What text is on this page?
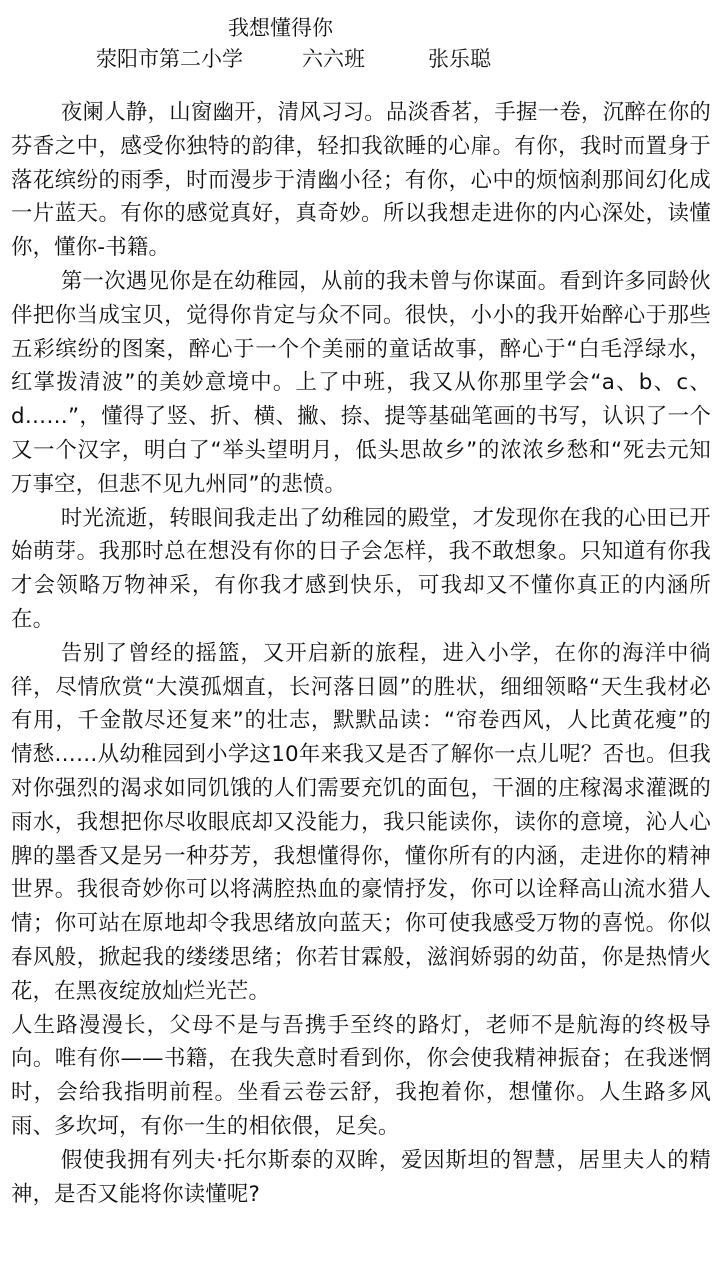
我想懂得你
荥阳市第二小学	六六班	张乐聪

夜阑人静，山窗幽开，清风习习。品淡香茗，手握一卷，沉醉在你的芬香之中，感受你独特的韵律，轻扣我欲睡的心扉。有你，我时而置身于落花缤纷的雨季，时而漫步于清幽小径；有你，心中的烦恼刹那间幻化成一片蓝天。有你的感觉真好，真奇妙。所以我想走进你的内心深处，读懂你，懂你-书籍。

第一次遇见你是在幼稚园，从前的我未曾与你谋面。看到许多同龄伙伴把你当成宝贝，觉得你肯定与众不同。很快，小小的我开始醉心于那些五彩缤纷的图案，醉心于一个个美丽的童话故事，醉心于“白毛浮绿水，红掌拨清波”的美妙意境中。上了中班，我又从你那里学会“a、b、c、d……”，懂得了竖、折、横、撇、捺、提等基础笔画的书写，认识了一个又一个汉字，明白了“举头望明月，低头思故乡”的浓浓乡愁和“死去元知万事空，但悲不见九州同”的悲愤。

时光流逝，转眼间我走出了幼稚园的殿堂，才发现你在我的心田已开始萌芽。我那时总在想没有你的日子会怎样，我不敢想象。只知道有你我才会领略万物神采，有你我才感到快乐，可我却又不懂你真正的内涵所在。

告别了曾经的摇篮，又开启新的旅程，进入小学，在你的海洋中徜徉，尽情欣赏“大漠孤烟直，长河落日圆”的胜状，细细领略“天生我材必有用，千金散尽还复来”的壮志，默默品读：“帘卷西风，人比黄花瘦”的情愁……从幼稚园到小学这10年来我又是否了解你一点儿呢？否也。但我对你强烈的渴求如同饥饿的人们需要充饥的面包，干涸的庄稼渴求灌溉的雨水，我想把你尽收眼底却又没能力，我只能读你，读你的意境，沁人心脾的墨香又是另一种芬芳，我想懂得你，懂你所有的内涵，走进你的精神世界。我很奇妙你可以将满腔热血的豪情抒发，你可以诠释高山流水猎人情；你可站在原地却令我思绪放向蓝天；你可使我感受万物的喜悦。你似春风般，掀起我的缕缕思绪；你若甘霖般，滋润娇弱的幼苗，你是热情火花，在黑夜绽放灿烂光芒。

人生路漫漫长，父母不是与吾携手至终的路灯，老师不是航海的终极导向。唯有你——书籍，在我失意时看到你，你会使我精神振奋；在我迷惘时，会给我指明前程。坐看云卷云舒，我抱着你，想懂你。人生路多风雨、多坎坷，有你一生的相依偎，足矣。

假使我拥有列夫·托尔斯泰的双眸，爱因斯坦的智慧，居里夫人的精神，是否又能将你读懂呢?
